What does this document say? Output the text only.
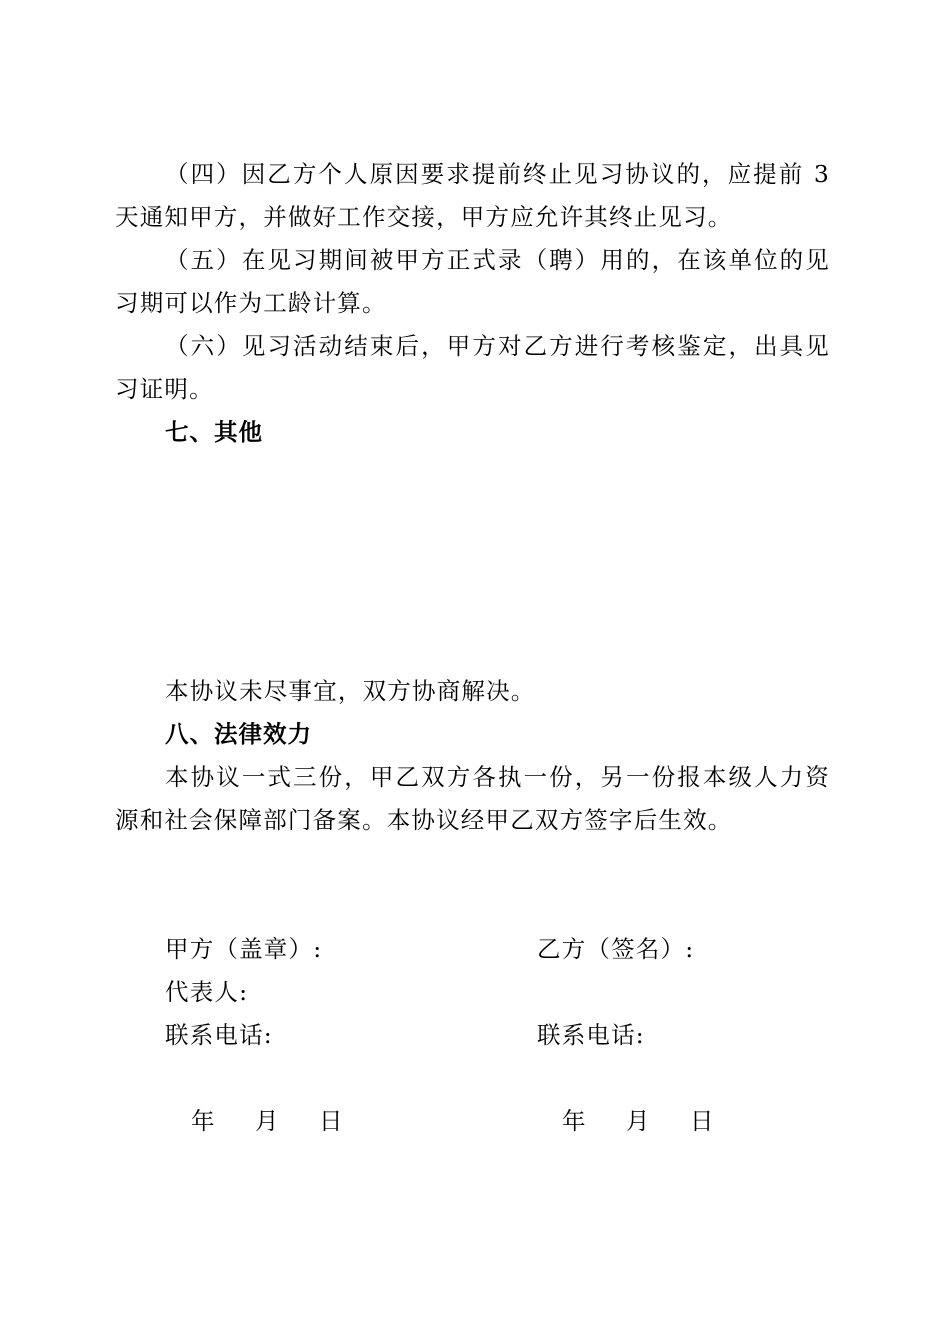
（四）因乙方个人原因要求提前终止见习协议的，应提前 3 天通知甲方，并做好工作交接，甲方应允许其终止见习。

（五）在见习期间被甲方正式录（聘）用的，在该单位的见习期可以作为工龄计算。

（六）见习活动结束后，甲方对乙方进行考核鉴定，出具见习证明。

七、其他

本协议未尽事宜，双方协商解决。

八、法律效力

本协议一式三份，甲乙双方各执一份，另一份报本级人力资源和社会保障部门备案。本协议经甲乙双方签字后生效。

甲方（盖章）:
代表人:
联系电话:
年 月 日
乙方（签名）:
联系电话:
年 月 日
